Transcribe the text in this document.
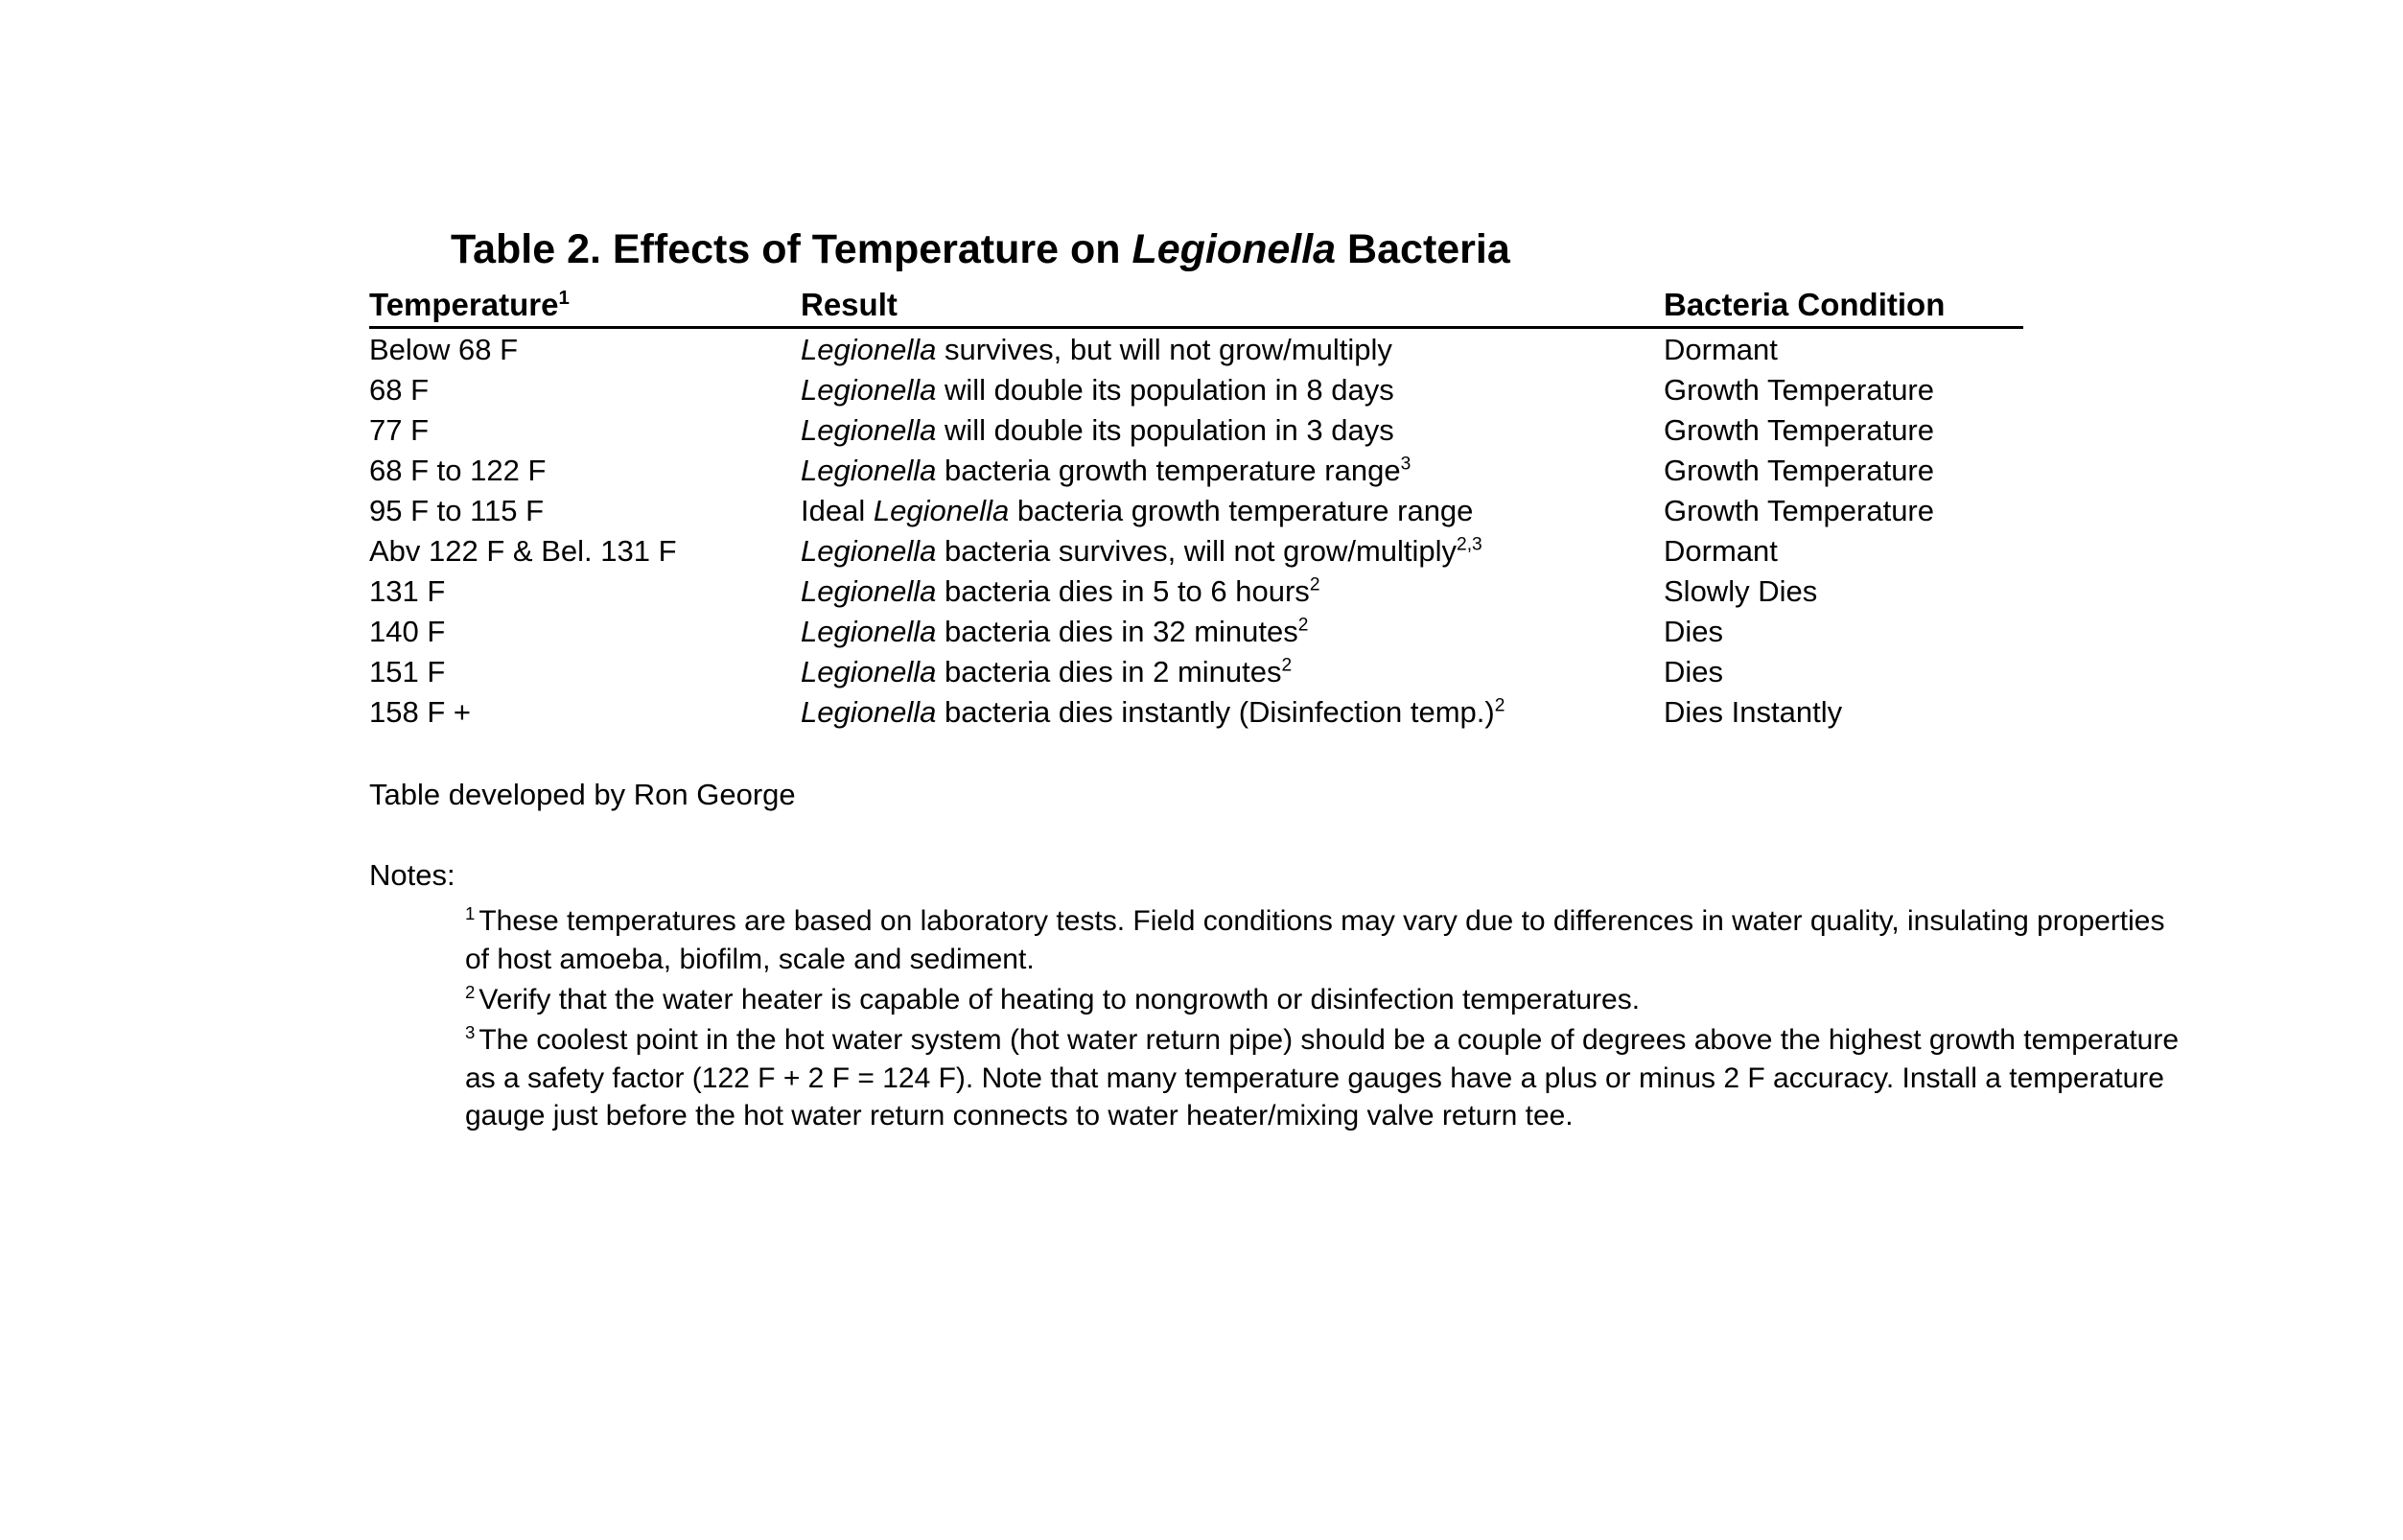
Table 2. Effects of Temperature on Legionella Bacteria
Temperature$^1$	Result	Bacteria Condition
Below 68 F	Legionella survives, but will not grow/multiply	Dormant
68 F	Legionella will double its population in 8 days	Growth Temperature
77 F	Legionella will double its population in 3 days	Growth Temperature
68 F to 122 F	Legionella bacteria growth temperature range$^3$	Growth Temperature
95 F to 115 F	Ideal Legionella bacteria growth temperature range	Growth Temperature
Abv 122 F & Bel. 131 F	Legionella bacteria survives, will not grow/multiply$^{2,3}$	Dormant
131 F	Legionella bacteria dies in 5 to 6 hours$^2$	Slowly Dies
140 F	Legionella bacteria dies in 32 minutes$^2$	Dies
151 F	Legionella bacteria dies in 2 minutes$^2$	Dies
158 F +	Legionella bacteria dies instantly (Disinfection temp.)$^2$	Dies Instantly
Table developed by Ron George
Notes:
$^1$ These temperatures are based on laboratory tests. Field conditions may vary due to differences in water quality, insulating properties of host amoeba, biofilm, scale and sediment.
$^2$ Verify that the water heater is capable of heating to nongrowth or disinfection temperatures.
$^3$ The coolest point in the hot water system (hot water return pipe) should be a couple of degrees above the highest growth temperature as a safety factor (122 F + 2 F = 124 F). Note that many temperature gauges have a plus or minus 2 F accuracy. Install a temperature gauge just before the hot water return connects to water heater/mixing valve return tee.
